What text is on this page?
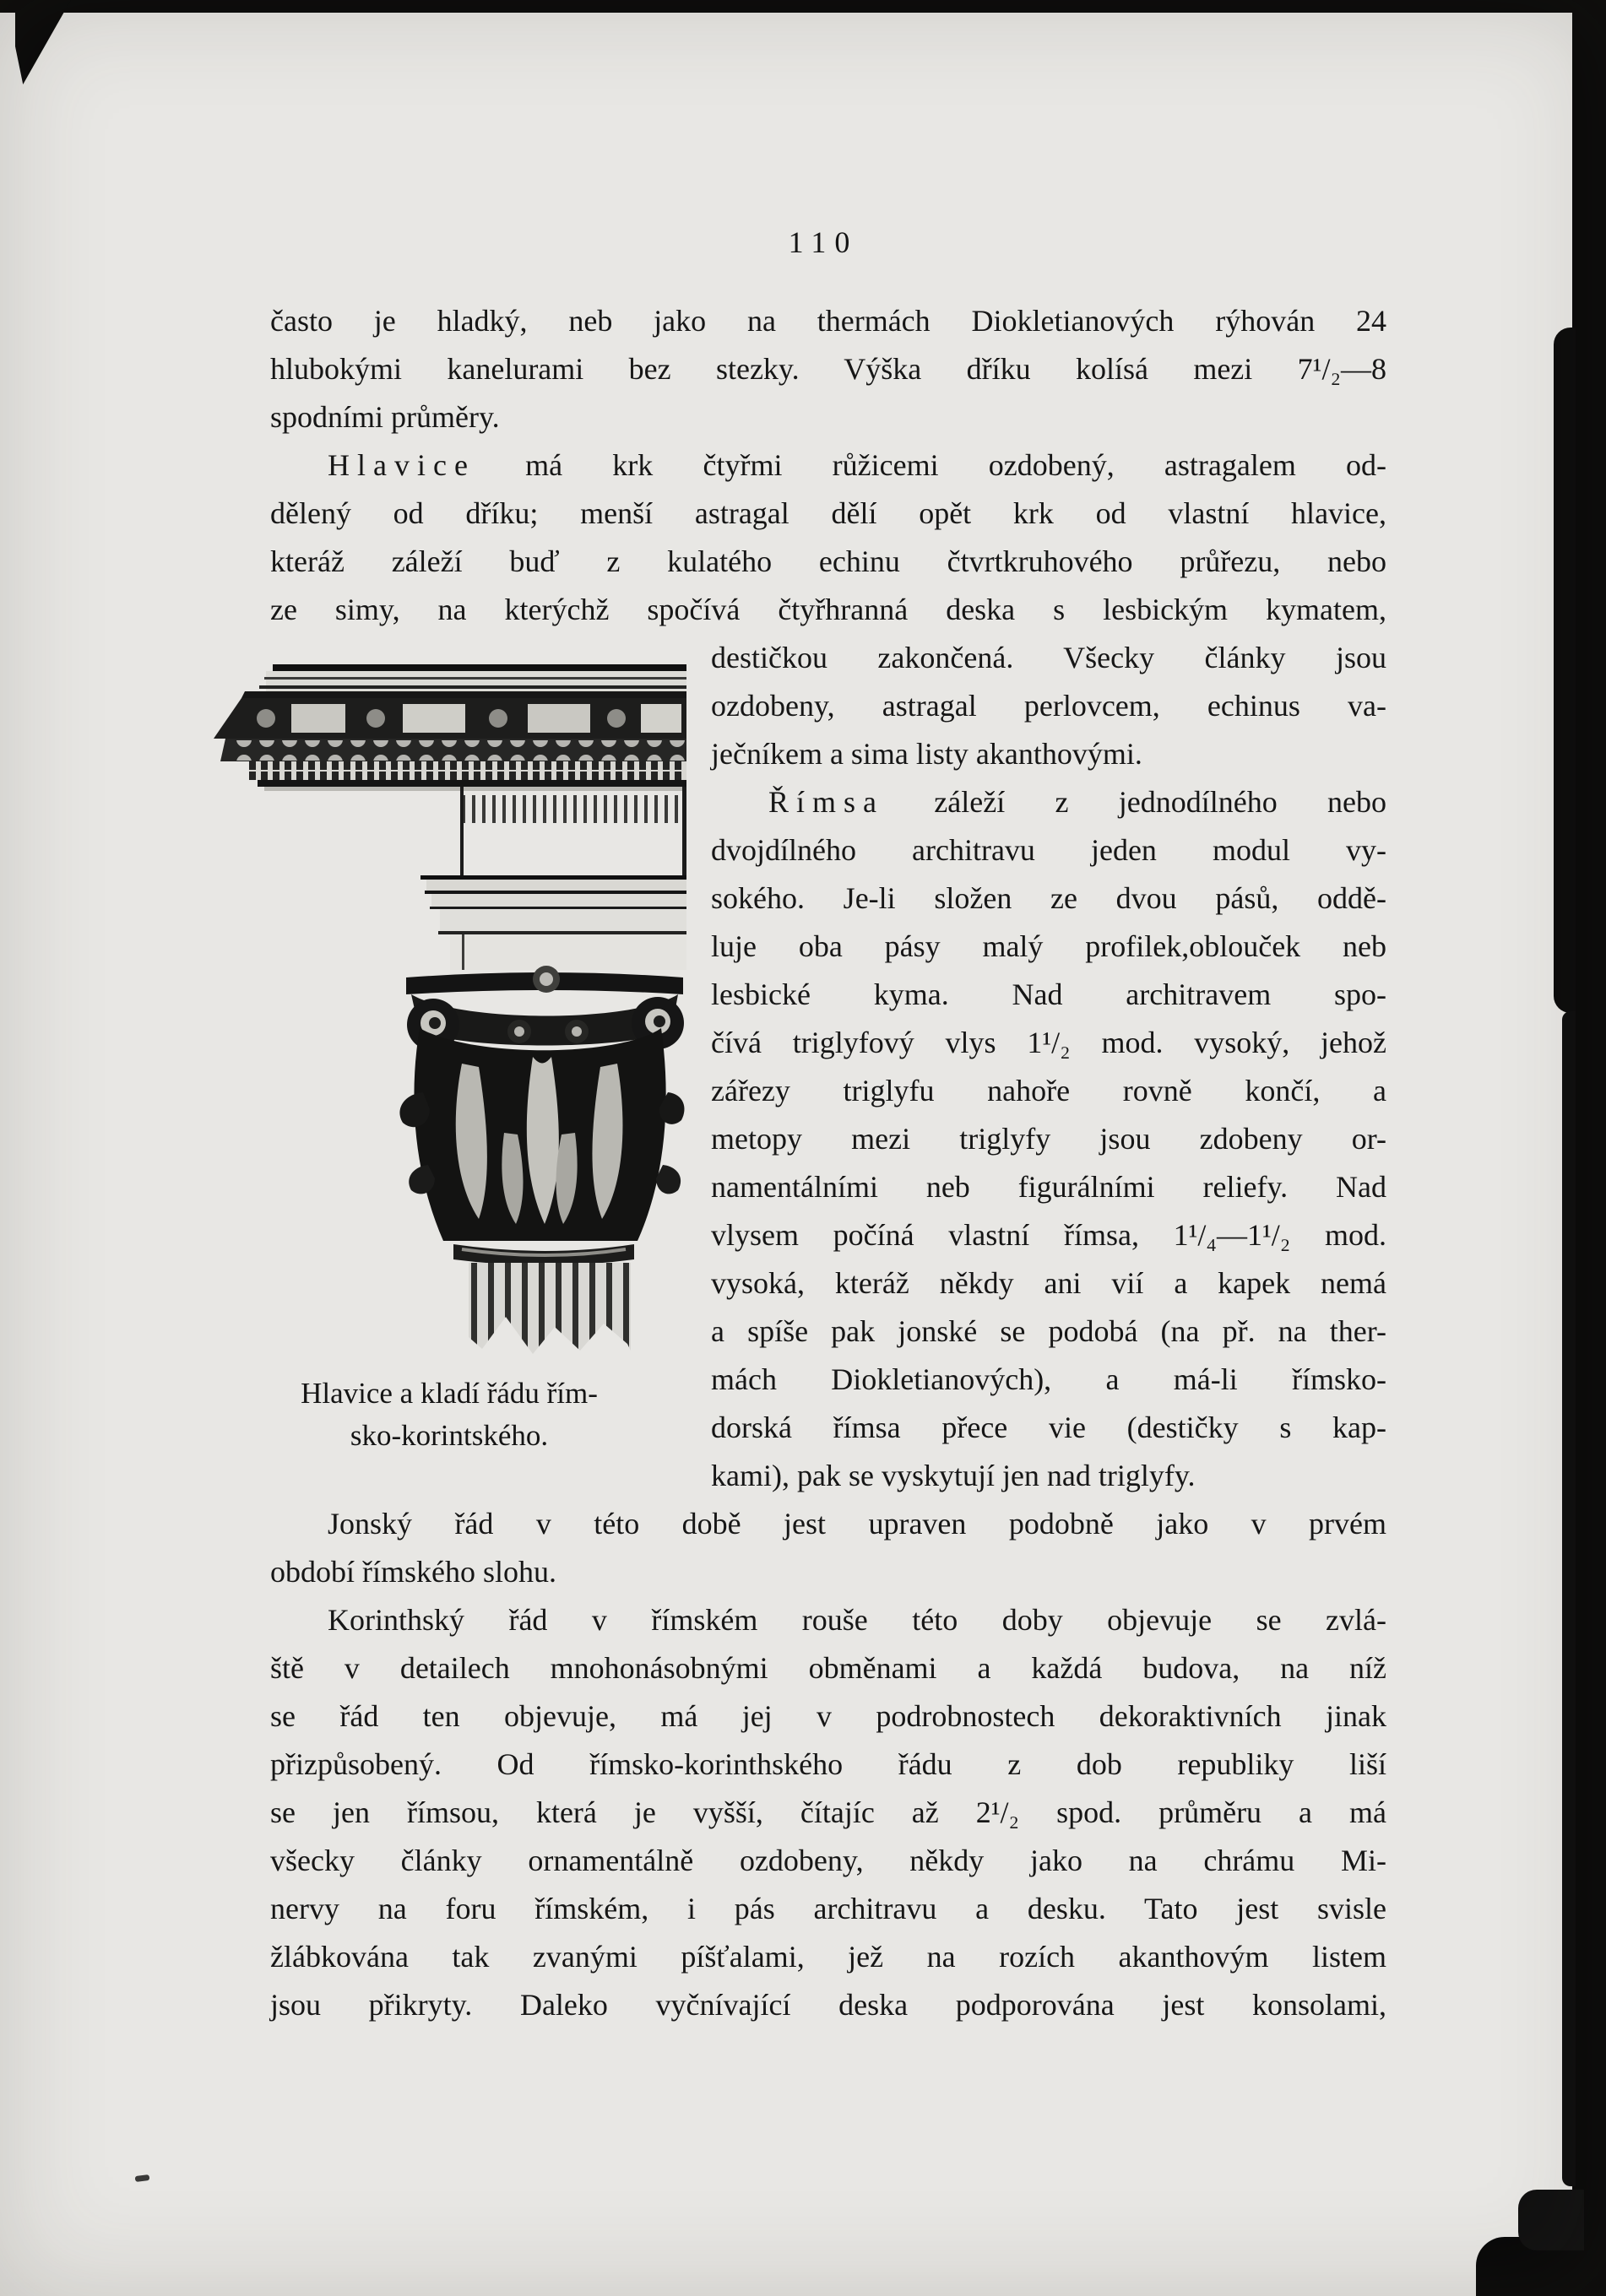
110
často je hladký, neb jako na thermách Diokletianových rýhován 24
hlubokými kanelurami bez stezky. Výška dříku kolísá mezi 7¹/₂—8
spodními průměry.
Hlavice má krk čtyřmi růžicemi ozdobený, astragalem od-
dělený od dříku; menší astragal dělí opět krk od vlastní hlavice,
kteráž záleží buď z kulatého echinu čtvrtkruhového průřezu, nebo
ze simy, na kterýchž spočívá čtyřhranná deska s lesbickým kymatem,
destičkou zakončená. Všecky články jsou
ozdobeny, astragal perlovcem, echinus va-
ječníkem a sima listy akanthovými.
Římsa záleží z jednodílného nebo
dvojdílného architravu jeden modul vy-
sokého. Je-li složen ze dvou pásů, oddě-
luje oba pásy malý profilek,oblouček neb
lesbické kyma. Nad architravem spo-
čívá triglyfový vlys 1¹/₂ mod. vysoký, jehož
zářezy triglyfu nahoře rovně končí, a
metopy mezi triglyfy jsou zdobeny or-
namentálními neb figurálními reliefy. Nad
vlysem počíná vlastní římsa, 1¹/₄—1¹/₂ mod.
vysoká, kteráž někdy ani vií a kapek nemá
a spíše pak jonské se podobá (na př. na ther-
mách Diokletianových), a má-li římsko-
dorská římsa přece vie (destičky s kap-
kami), pak se vyskytují jen nad triglyfy.
Jonský řád v této době jest upraven podobně jako v prvém
období římského slohu.
Korinthský řád v římském rouše této doby objevuje se zvlá-
ště v detailech mnohonásobnými obměnami a každá budova, na níž
se řád ten objevuje, má jej v podrobnostech dekoraktivních jinak
přizpůsobený. Od římsko-korinthského řádu z dob republiky liší
se jen římsou, která je vyšší, čítajíc až 2¹/₂ spod. průměru a má
všecky články ornamentálně ozdobeny, někdy jako na chrámu Mi-
nervy na foru římském, i pás architravu a desku. Tato jest svisle
žlábkována tak zvanými píšťalami, jež na rozích akanthovým listem
jsou přikryty. Daleko vyčnívající deska podporována jest konsolami,
Hlavice a kladí řádu řím-
sko-korintského.
